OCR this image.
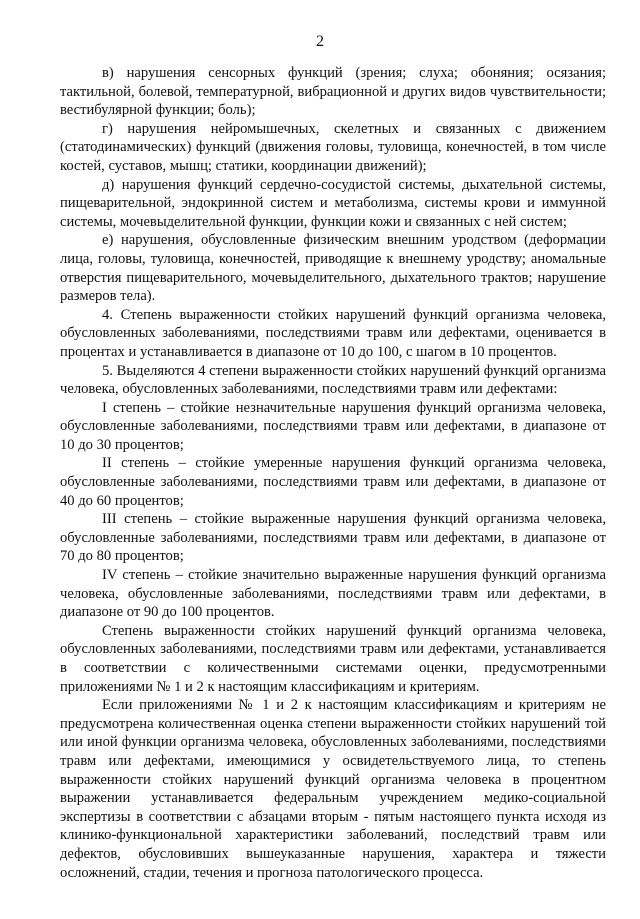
2

в) нарушения сенсорных функций (зрения; слуха; обоняния; осязания; тактильной, болевой, температурной, вибрационной и других видов чувствительности; вестибулярной функции; боль);

г) нарушения нейромышечных, скелетных и связанных с движением (статодинамических) функций (движения головы, туловища, конечностей, в том числе костей, суставов, мышц; статики, координации движений);

д) нарушения функций сердечно-сосудистой системы, дыхательной системы, пищеварительной, эндокринной систем и метаболизма, системы крови и иммунной системы, мочевыделительной функции, функции кожи и связанных с ней систем;

е) нарушения, обусловленные физическим внешним уродством (деформации лица, головы, туловища, конечностей, приводящие к внешнему уродству; аномальные отверстия пищеварительного, мочевыделительного, дыхательного трактов; нарушение размеров тела).

4. Степень выраженности стойких нарушений функций организма человека, обусловленных заболеваниями, последствиями травм или дефектами, оценивается в процентах и устанавливается в диапазоне от 10 до 100, с шагом в 10 процентов.

5. Выделяются 4 степени выраженности стойких нарушений функций организма человека, обусловленных заболеваниями, последствиями травм или дефектами:

I степень – стойкие незначительные нарушения функций организма человека, обусловленные заболеваниями, последствиями травм или дефектами, в диапазоне от 10 до 30 процентов;

II степень – стойкие умеренные нарушения функций организма человека, обусловленные заболеваниями, последствиями травм или дефектами, в диапазоне от 40 до 60 процентов;

III степень – стойкие выраженные нарушения функций организма человека, обусловленные заболеваниями, последствиями травм или дефектами, в диапазоне от 70 до 80 процентов;

IV степень – стойкие значительно выраженные нарушения функций организма человека, обусловленные заболеваниями, последствиями травм или дефектами, в диапазоне от 90 до 100 процентов.

Степень выраженности стойких нарушений функций организма человека, обусловленных заболеваниями, последствиями травм или дефектами, устанавливается в соответствии с количественными системами оценки, предусмотренными приложениями № 1 и 2 к настоящим классификациям и критериям.

Если приложениями № 1 и 2 к настоящим классификациям и критериям не предусмотрена количественная оценка степени выраженности стойких нарушений той или иной функции организма человека, обусловленных заболеваниями, последствиями травм или дефектами, имеющимися у освидетельствуемого лица, то степень выраженности стойких нарушений функций организма человека в процентном выражении устанавливается федеральным учреждением медико-социальной экспертизы в соответствии с абзацами вторым - пятым настоящего пункта исходя из клинико-функциональной характеристики заболеваний, последствий травм или дефектов, обусловивших вышеуказанные нарушения, характера и тяжести осложнений, стадии, течения и прогноза патологического процесса.
